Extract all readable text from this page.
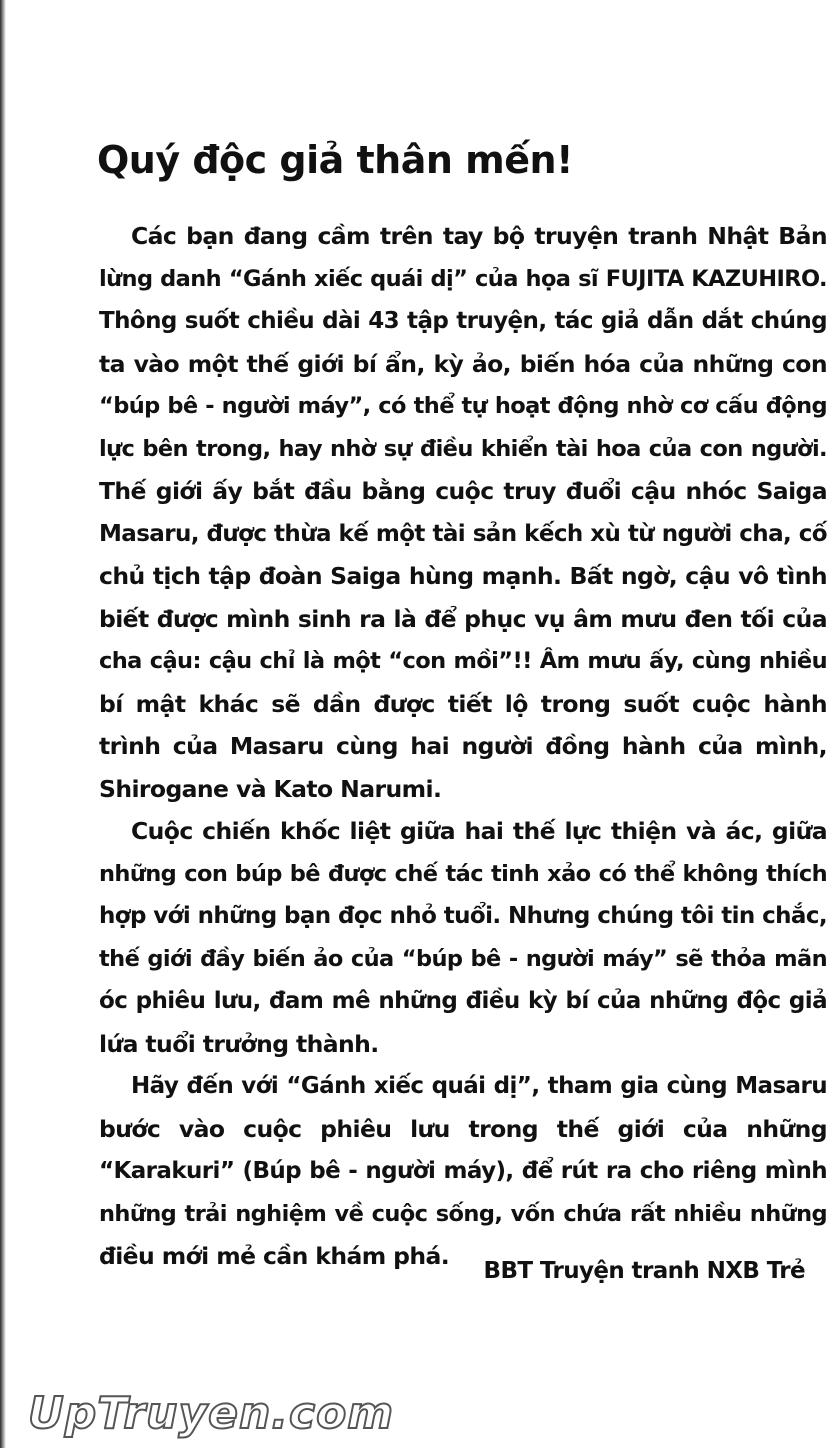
Quý độc giả thân mến!
Các bạn đang cầm trên tay bộ truyện tranh Nhật Bản
lừng danh “Gánh xiếc quái dị” của họa sĩ FUJITA KAZUHIRO.
Thông suốt chiều dài 43 tập truyện, tác giả dẫn dắt chúng
ta vào một thế giới bí ẩn, kỳ ảo, biến hóa của những con
“búp bê - người máy”, có thể tự hoạt động nhờ cơ cấu động
lực bên trong, hay nhờ sự điều khiển tài hoa của con người.
Thế giới ấy bắt đầu bằng cuộc truy đuổi cậu nhóc Saiga
Masaru, được thừa kế một tài sản kếch xù từ người cha, cố
chủ tịch tập đoàn Saiga hùng mạnh. Bất ngờ, cậu vô tình
biết được mình sinh ra là để phục vụ âm mưu đen tối của
cha cậu: cậu chỉ là một “con mồi”!! Âm mưu ấy, cùng nhiều
bí mật khác sẽ dần được tiết lộ trong suốt cuộc hành
trình của Masaru cùng hai người đồng hành của mình,
Shirogane và Kato Narumi.
Cuộc chiến khốc liệt giữa hai thế lực thiện và ác, giữa
những con búp bê được chế tác tinh xảo có thể không thích
hợp với những bạn đọc nhỏ tuổi. Nhưng chúng tôi tin chắc,
thế giới đầy biến ảo của “búp bê - người máy” sẽ thỏa mãn
óc phiêu lưu, đam mê những điều kỳ bí của những độc giả
lứa tuổi trưởng thành.
Hãy đến với “Gánh xiếc quái dị”, tham gia cùng Masaru
bước vào cuộc phiêu lưu trong thế giới của những
“Karakuri” (Búp bê - người máy), để rút ra cho riêng mình
những trải nghiệm về cuộc sống, vốn chứa rất nhiều những
điều mới mẻ cần khám phá.
BBT Truyện tranh NXB Trẻ
UpTruyen.com
